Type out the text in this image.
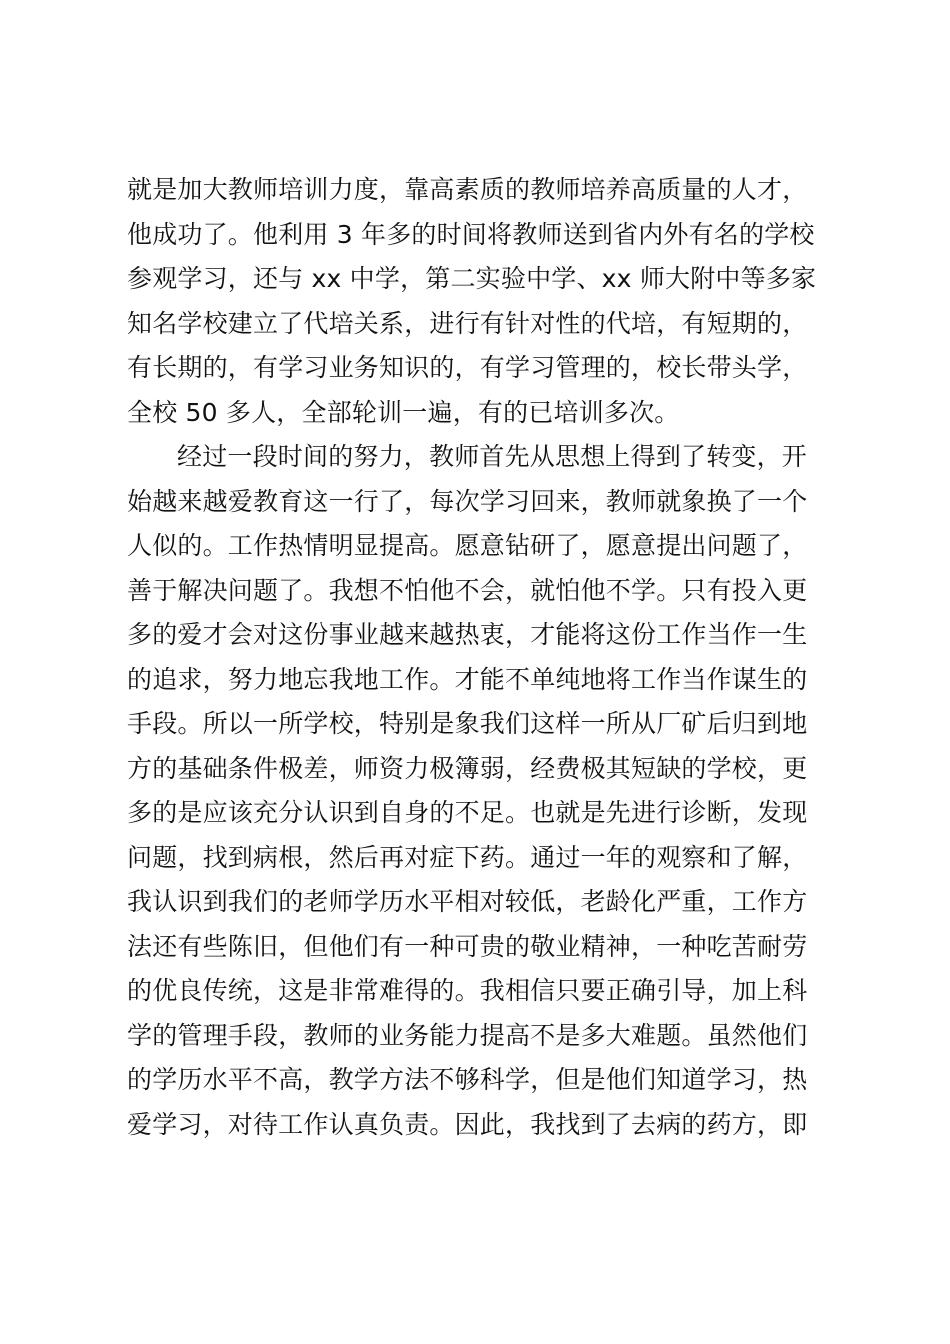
就是加大教师培训力度，靠高素质的教师培养高质量的人才，
他成功了。他利用 3 年多的时间将教师送到省内外有名的学校
参观学习，还与 xx 中学，第二实验中学、xx 师大附中等多家
知名学校建立了代培关系，进行有针对性的代培，有短期的，
有长期的，有学习业务知识的，有学习管理的，校长带头学，
全校 50 多人，全部轮训一遍，有的已培训多次。
经过一段时间的努力，教师首先从思想上得到了转变，开
始越来越爱教育这一行了，每次学习回来，教师就象换了一个
人似的。工作热情明显提高。愿意钻研了，愿意提出问题了，
善于解决问题了。我想不怕他不会，就怕他不学。只有投入更
多的爱才会对这份事业越来越热衷，才能将这份工作当作一生
的追求，努力地忘我地工作。才能不单纯地将工作当作谋生的
手段。所以一所学校，特别是象我们这样一所从厂矿后归到地
方的基础条件极差，师资力极簿弱，经费极其短缺的学校，更
多的是应该充分认识到自身的不足。也就是先进行诊断，发现
问题，找到病根，然后再对症下药。通过一年的观察和了解，
我认识到我们的老师学历水平相对较低，老龄化严重，工作方
法还有些陈旧，但他们有一种可贵的敬业精神，一种吃苦耐劳
的优良传统，这是非常难得的。我相信只要正确引导，加上科
学的管理手段，教师的业务能力提高不是多大难题。虽然他们
的学历水平不高，教学方法不够科学，但是他们知道学习，热
爱学习，对待工作认真负责。因此，我找到了去病的药方，即
